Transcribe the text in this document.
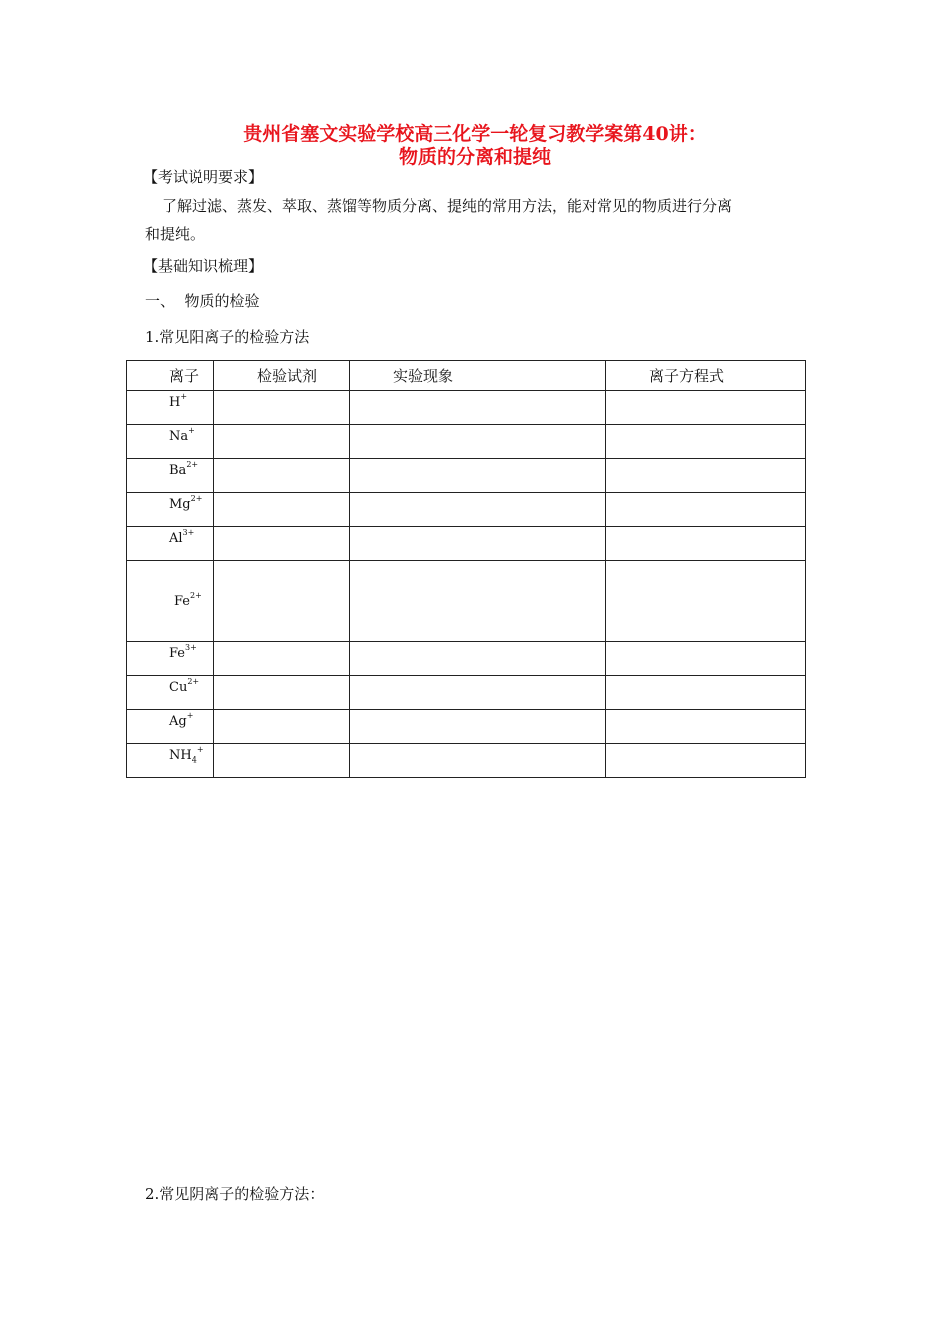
贵州省塞文实验学校高三化学一轮复习教学案第40讲：
物质的分离和提纯
【考试说明要求】
了解过滤、蒸发、萃取、蒸馏等物质分离、提纯的常用方法，能对常见的物质进行分离
和提纯。
【基础知识梳理】
一、  物质的检验
1.常见阳离子的检验方法
离子	检验试剂	实验现象	离子方程式
H+			
Na+			
$Ba^{2+}$			
$Mg^{2+}$			
$Al^{3+}$			
$Fe^{2+}$			
$Fe^{3+}$			
$Cu^{2+}$			
Ag+			
$NH_4^+$			
2.常见阴离子的检验方法：
